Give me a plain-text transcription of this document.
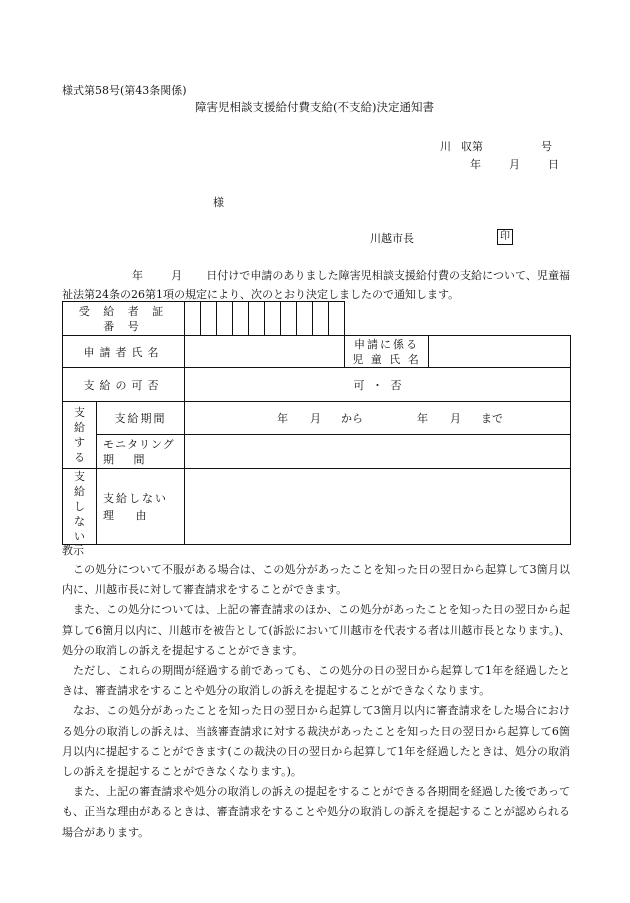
様式第58号(第43条関係)
障害児相談支援給付費支給(不支給)決定通知書
川 収第	号
年	月	日
様
川越市長	印
年	月 日付けで申請のありました障害児相談支援給付費の支給について、児童福祉法第24条の26第1項の規定により、次のとおり決定しましたので通知します。
受 給 者 証
番 号				

申請者氏名			申請に係る
児 童 氏 名	

支給の可否		可 ・ 否		

支給する	支給期間	年 月 から 年 月 まで		

	モニタリング
期 間			

支給しない	支給しない
理 由			

教示

この処分について不服がある場合は、この処分があったことを知った日の翌日から起算して3箇月以内に、川越市長に対して審査請求をすることができます。

また、この処分については、上記の審査請求のほか、この処分があったことを知った日の翌日から起算して6箇月以内に、川越市を被告として(訴訟において川越市を代表する者は川越市長となります。)、処分の取消しの訴えを提起することができます。

ただし、これらの期間が経過する前であっても、この処分の日の翌日から起算して1年を経過したときは、審査請求をすることや処分の取消しの訴えを提起することができなくなります。

なお、この処分があったことを知った日の翌日から起算して3箇月以内に審査請求をした場合における処分の取消しの訴えは、当該審査請求に対する裁決があったことを知った日の翌日から起算して6箇月以内に提起することができます(この裁決の日の翌日から起算して1年を経過したときは、処分の取消しの訴えを提起することができなくなります。)。

また、上記の審査請求や処分の取消しの訴えの提起をすることができる各期間を経過した後であっても、正当な理由があるときは、審査請求をすることや処分の取消しの訴えを提起することが認められる場合があります。
